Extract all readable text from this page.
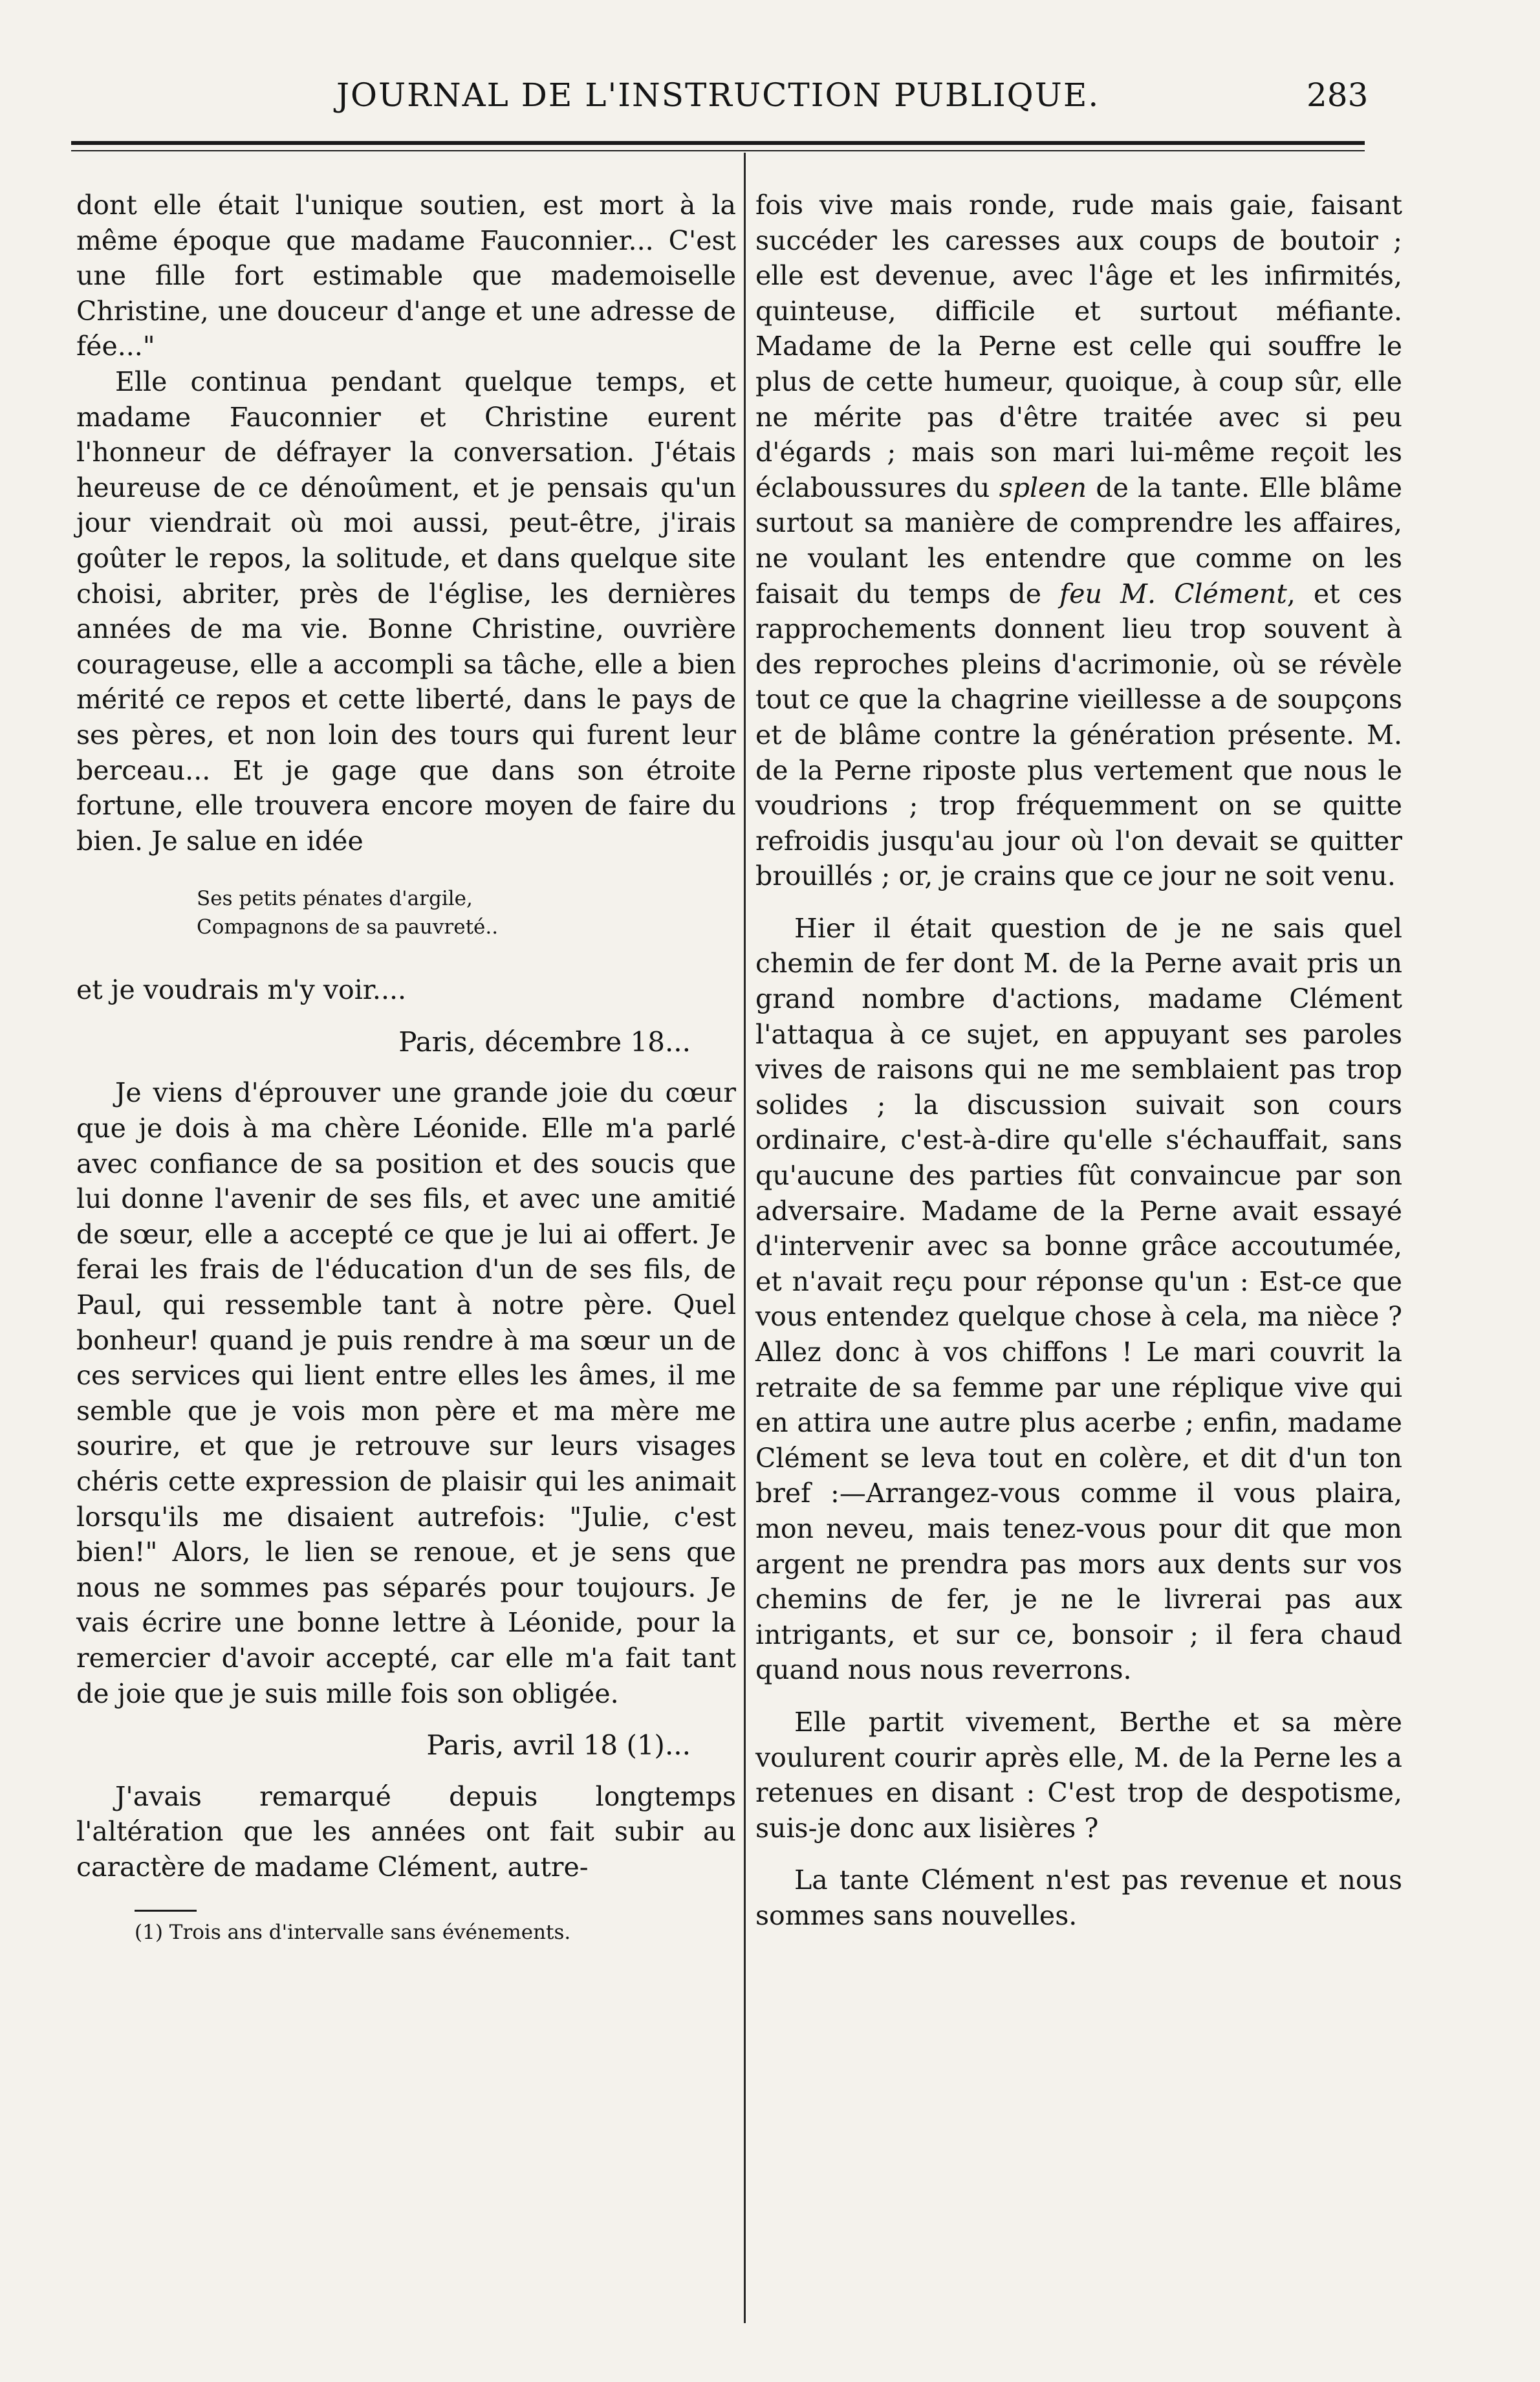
JOURNAL DE L'INSTRUCTION PUBLIQUE.	283

dont elle était l'unique soutien, est mort à la même époque que madame Fauconnier... C'est une fille fort estimable que mademoiselle Christine, une douceur d'ange et une adresse de fée..."

Elle continua pendant quelque temps, et madame Fauconnier et Christine eurent l'honneur de défrayer la conversation. J'étais heureuse de ce dénoûment, et je pensais qu'un jour viendrait où moi aussi, peut-être, j'irais goûter le repos, la solitude, et dans quelque site choisi, abriter, près de l'église, les dernières années de ma vie. Bonne Christine, ouvrière courageuse, elle a accompli sa tâche, elle a bien mérité ce repos et cette liberté, dans le pays de ses pères, et non loin des tours qui furent leur berceau... Et je gage que dans son étroite fortune, elle trouvera encore moyen de faire du bien. Je salue en idée

Ses petits pénates d'argile,
Compagnons de sa pauvreté..

et je voudrais m'y voir....

Paris, décembre 18...

Je viens d'éprouver une grande joie du cœur que je dois à ma chère Léonide. Elle m'a parlé avec confiance de sa position et des soucis que lui donne l'avenir de ses fils, et avec une amitié de sœur, elle a accepté ce que je lui ai offert. Je ferai les frais de l'éducation d'un de ses fils, de Paul, qui ressemble tant à notre père. Quel bonheur! quand je puis rendre à ma sœur un de ces services qui lient entre elles les âmes, il me semble que je vois mon père et ma mère me sourire, et que je retrouve sur leurs visages chéris cette expression de plaisir qui les animait lorsqu'ils me disaient autrefois: "Julie, c'est bien!" Alors, le lien se renoue, et je sens que nous ne sommes pas séparés pour toujours. Je vais écrire une bonne lettre à Léonide, pour la remercier d'avoir accepté, car elle m'a fait tant de joie que je suis mille fois son obligée.

Paris, avril 18 (1)...

J'avais remarqué depuis longtemps l'altération que les années ont fait subir au caractère de madame Clément, autre-

(1) Trois ans d'intervalle sans événements.

fois vive mais ronde, rude mais gaie, faisant succéder les caresses aux coups de boutoir ; elle est devenue, avec l'âge et les infirmités, quinteuse, difficile et surtout méfiante. Madame de la Perne est celle qui souffre le plus de cette humeur, quoique, à coup sûr, elle ne mérite pas d'être traitée avec si peu d'égards ; mais son mari lui-même reçoit les éclaboussures du spleen de la tante. Elle blâme surtout sa manière de comprendre les affaires, ne voulant les entendre que comme on les faisait du temps de feu M. Clément, et ces rapprochements donnent lieu trop souvent à des reproches pleins d'acrimonie, où se révèle tout ce que la chagrine vieillesse a de soupçons et de blâme contre la génération présente. M. de la Perne riposte plus vertement que nous le voudrions ; trop fréquemment on se quitte refroidis jusqu'au jour où l'on devait se quitter brouillés ; or, je crains que ce jour ne soit venu.

Hier il était question de je ne sais quel chemin de fer dont M. de la Perne avait pris un grand nombre d'actions, madame Clément l'attaqua à ce sujet, en appuyant ses paroles vives de raisons qui ne me semblaient pas trop solides ; la discussion suivait son cours ordinaire, c'est-à-dire qu'elle s'échauffait, sans qu'aucune des parties fût convaincue par son adversaire. Madame de la Perne avait essayé d'intervenir avec sa bonne grâce accoutumée, et n'avait reçu pour réponse qu'un : Est-ce que vous entendez quelque chose à cela, ma nièce ? Allez donc à vos chiffons ! Le mari couvrit la retraite de sa femme par une réplique vive qui en attira une autre plus acerbe ; enfin, madame Clément se leva tout en colère, et dit d'un ton bref :—Arrangez-vous comme il vous plaira, mon neveu, mais tenez-vous pour dit que mon argent ne prendra pas mors aux dents sur vos chemins de fer, je ne le livrerai pas aux intrigants, et sur ce, bonsoir ; il fera chaud quand nous nous reverrons.

Elle partit vivement, Berthe et sa mère voulurent courir après elle, M. de la Perne les a retenues en disant : C'est trop de despotisme, suis-je donc aux lisières ?

La tante Clément n'est pas revenue et nous sommes sans nouvelles.
